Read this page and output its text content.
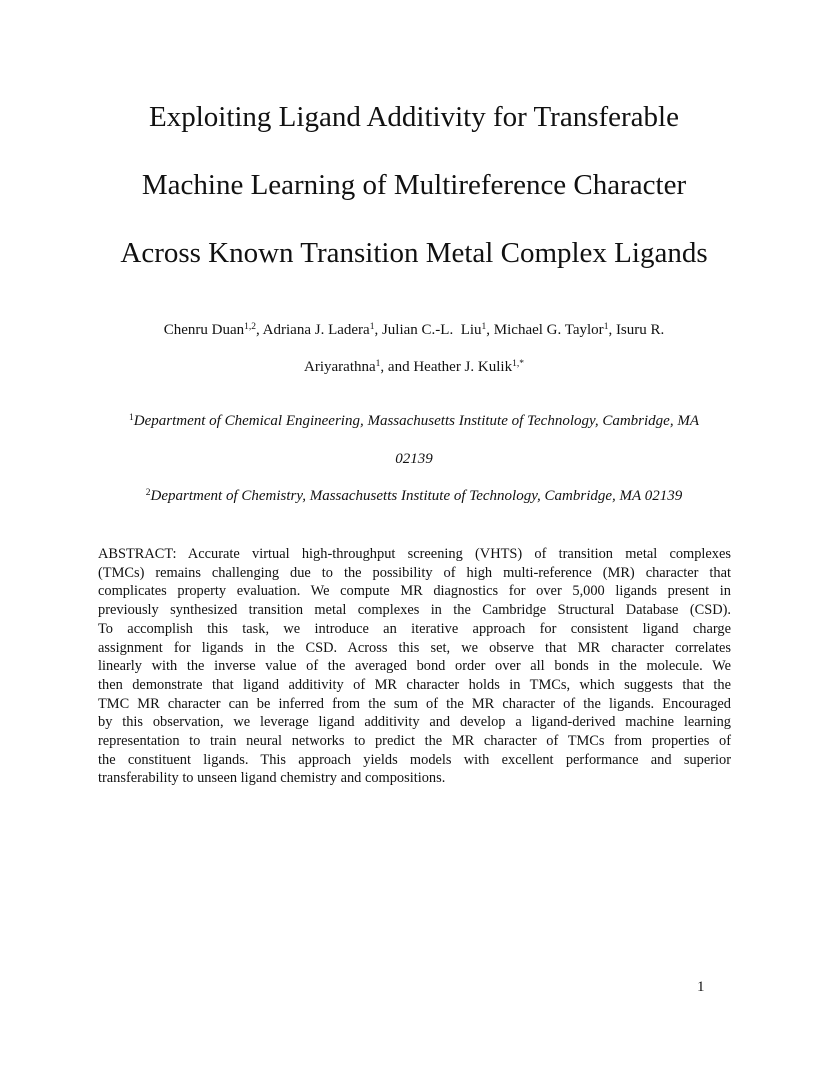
Exploiting Ligand Additivity for Transferable
Machine Learning of Multireference Character
Across Known Transition Metal Complex Ligands
Chenru Duan$^{1,2}$, Adriana J. Ladera$^1$, Julian C.-L.  Liu$^1$, Michael G. Taylor$^1$, Isuru R.
Ariyarathna$^1$, and Heather J. Kulik$^{1,*}$
$^1$Department of Chemical Engineering, Massachusetts Institute of Technology, Cambridge, MA
02139
$^2$Department of Chemistry, Massachusetts Institute of Technology, Cambridge, MA 02139
ABSTRACT: Accurate virtual high-throughput screening (VHTS) of transition metal complexes
(TMCs) remains challenging due to the possibility of high multi-reference (MR) character that
complicates property evaluation. We compute MR diagnostics for over 5,000 ligands present in
previously synthesized transition metal complexes in the Cambridge Structural Database (CSD).
To accomplish this task, we introduce an iterative approach for consistent ligand charge
assignment for ligands in the CSD. Across this set, we observe that MR character correlates
linearly with the inverse value of the averaged bond order over all bonds in the molecule. We
then demonstrate that ligand additivity of MR character holds in TMCs, which suggests that the
TMC MR character can be inferred from the sum of the MR character of the ligands. Encouraged
by this observation, we leverage ligand additivity and develop a ligand-derived machine learning
representation to train neural networks to predict the MR character of TMCs from properties of
the constituent ligands. This approach yields models with excellent performance and superior
transferability to unseen ligand chemistry and compositions.
1
